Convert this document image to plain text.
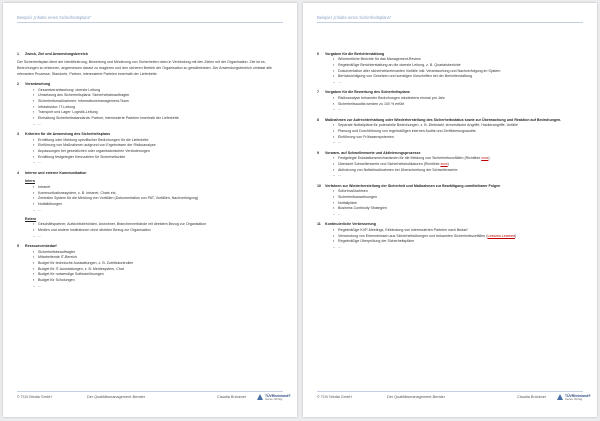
Beispiel „Inhalte eines Sicherheitsplans“
1	Zweck, Ziel und Anwendungsbereich
Der Sicherheitsplan dient der Identifizierung, Bewertung und Minderung von Sicherheiten oben in Verbindung mit den Zielen mit der Organisation. Ziel ist es, Bedrohungen zu erkennen, angemessen darauf zu reagieren und den sicheren Betrieb der Organisation zu gewährleisten. Der Anwendungsbereich umfasst alle relevanten Prozesse, Standorte, Partner, interessierte Parteien innerhalb der Lieferkette.
2	Verantwortung
▪	Gesamtverantwortung: oberste Leitung
▪	Umsetzung des Sicherheitsplans: Sicherheitsbeauftragter
▪	Sicherheitsmaßnahmen: Informationsmanagement-Team
▪	Infrastruktur: IT-Leitung
▪	Transport und Lager: Logistik-Leitung
▪	Einhaltung Sicherheitsstandards: Partner, interessierte Parteien innerhalb der Lieferkette
– …
3	Kriterien für die Anwendung des Sicherheitsplans
▪	Ermittlung oder Meldung spezifischer Bedrohungen für die Lieferkette
▪	Einführung von Maßnahmen aufgrund von Ergebnissen der Risikoanalyse
▪	Anpassungen bei gesetzlichen oder organisatorischen Veränderungen
▪	Ermittlung festgelegter Kennzahlen für Sicherheitsziele
– …
4	Interne und externe Kommunikation
Intern
▪	Intranet
▪	Kommunikationssystem, z. B. Intranet, Chats etc.
▪	Zentrales System für die Meldung von Vorfällen (Dokumentation von PAT, Vorfällen, Nachverfolgung)
▪	Notfallübungen
– …
Extern
▪	Geschäftspartner, Aufsichtsbehörden, Anwohner, Branchenverbände mit direktem Bezug zur Organisation
▪	Medien und andere Institutionen ohne direkten Bezug zur Organisation
– …
5	Ressourcenbedarf
▪	Sicherheitsbeauftragter
▪	Mitarbeitende IT-Bereich
▪	Budget für technische Ausstattungen, z. B. Zutrittskontrollen
▪	Budget für IT-Ausstattungen, z. B. Meldesystem, Chat
▪	Budget für notwendige Softwarelösungen
▪	Budget für Schulungen
– …
© TÜV Media GmbH	Der Qualitätsmanagement-Berater	Claudia Brückner	TÜVRheinland®
Genau. Richtig.
Beispiel „Inhalte eines Sicherheitsplans“
6	Vorgaben für die Berichterstattung
▪	Wöchentliche Berichte für das Management-Review
▪	Regelmäßige Berichterstattung an die oberste Leitung, z. B. Quartalsberichte
▪	Dokumentation aller sicherheitsrelevanten Vorfälle inkl. Verantwortung und Nachverfolgung im System
▪	Berücksichtigung von Gesetzen und sonstigen Vorschriften bei der Berichterstattung
– …
7	Vorgaben für die Bewertung des Sicherheitsplans
▪	Risikoanalyse bekannter Bedrohungen mindestens einmal pro Jahr
▪	Sicherheitsaudits werden zu 100 % erfüllt
– …
8	Maßnahmen zur Aufrechterhaltung oder Wiederherstellung des Sicherheitsstatus sowie zur Überwachung und Reaktion auf Bedrohungen.
▪	Separate Notfallpläne für potenzielle Bedrohungen, z. B. Diebstahl, terroristische Angriffe, Hackerangriffe, Unfälle
▪	Planung und Durchführung von regelmäßigen internen Audits und Zertifizierungsaudits
▪	Einführung von Frühwarnsystemen
– …
9	Vorwarn- auf Schwellenwerte und Aktivierungsprozesse
▪	Festgelegte Eskalationsmechanismen für die Meldung von Sicherheitsvorfällen (Richtlinie xxxx)
▪	Übersicht Schwellenwerte und Sicherheitsindikatoren (Richtlinie xxxx)
▪	Aktivierung von Notfallmaßnahmen bei Überschreitung der Schwellenwerte
– …
10	Verfahren zur Wiederherstellung der Sicherheit und Maßnahmen zur Bewältigung unmittelbarer Folgen
▪	Sofortmaßnahmen
▪	Sicherheitsanweisungen
▪	Notfallpläne
▪	Business Continuity Strategien
– …
11	Kontinuierliche Verbesserung
▪	Regelmäßige KVP-Meetings, Einbindung von interessierten Parteien nach Bedarf
▪	Verwendung von Erkenntnissen aus Sicherheitsübungen und bekannten Sicherheitsvorfällen (Lessons Learned)
▪	Regelmäßige Überprüfung der Sicherheitspläne
– …
© TÜV Media GmbH	Der Qualitätsmanagement-Berater	Claudia Brückner	TÜVRheinland®
Genau. Richtig.
